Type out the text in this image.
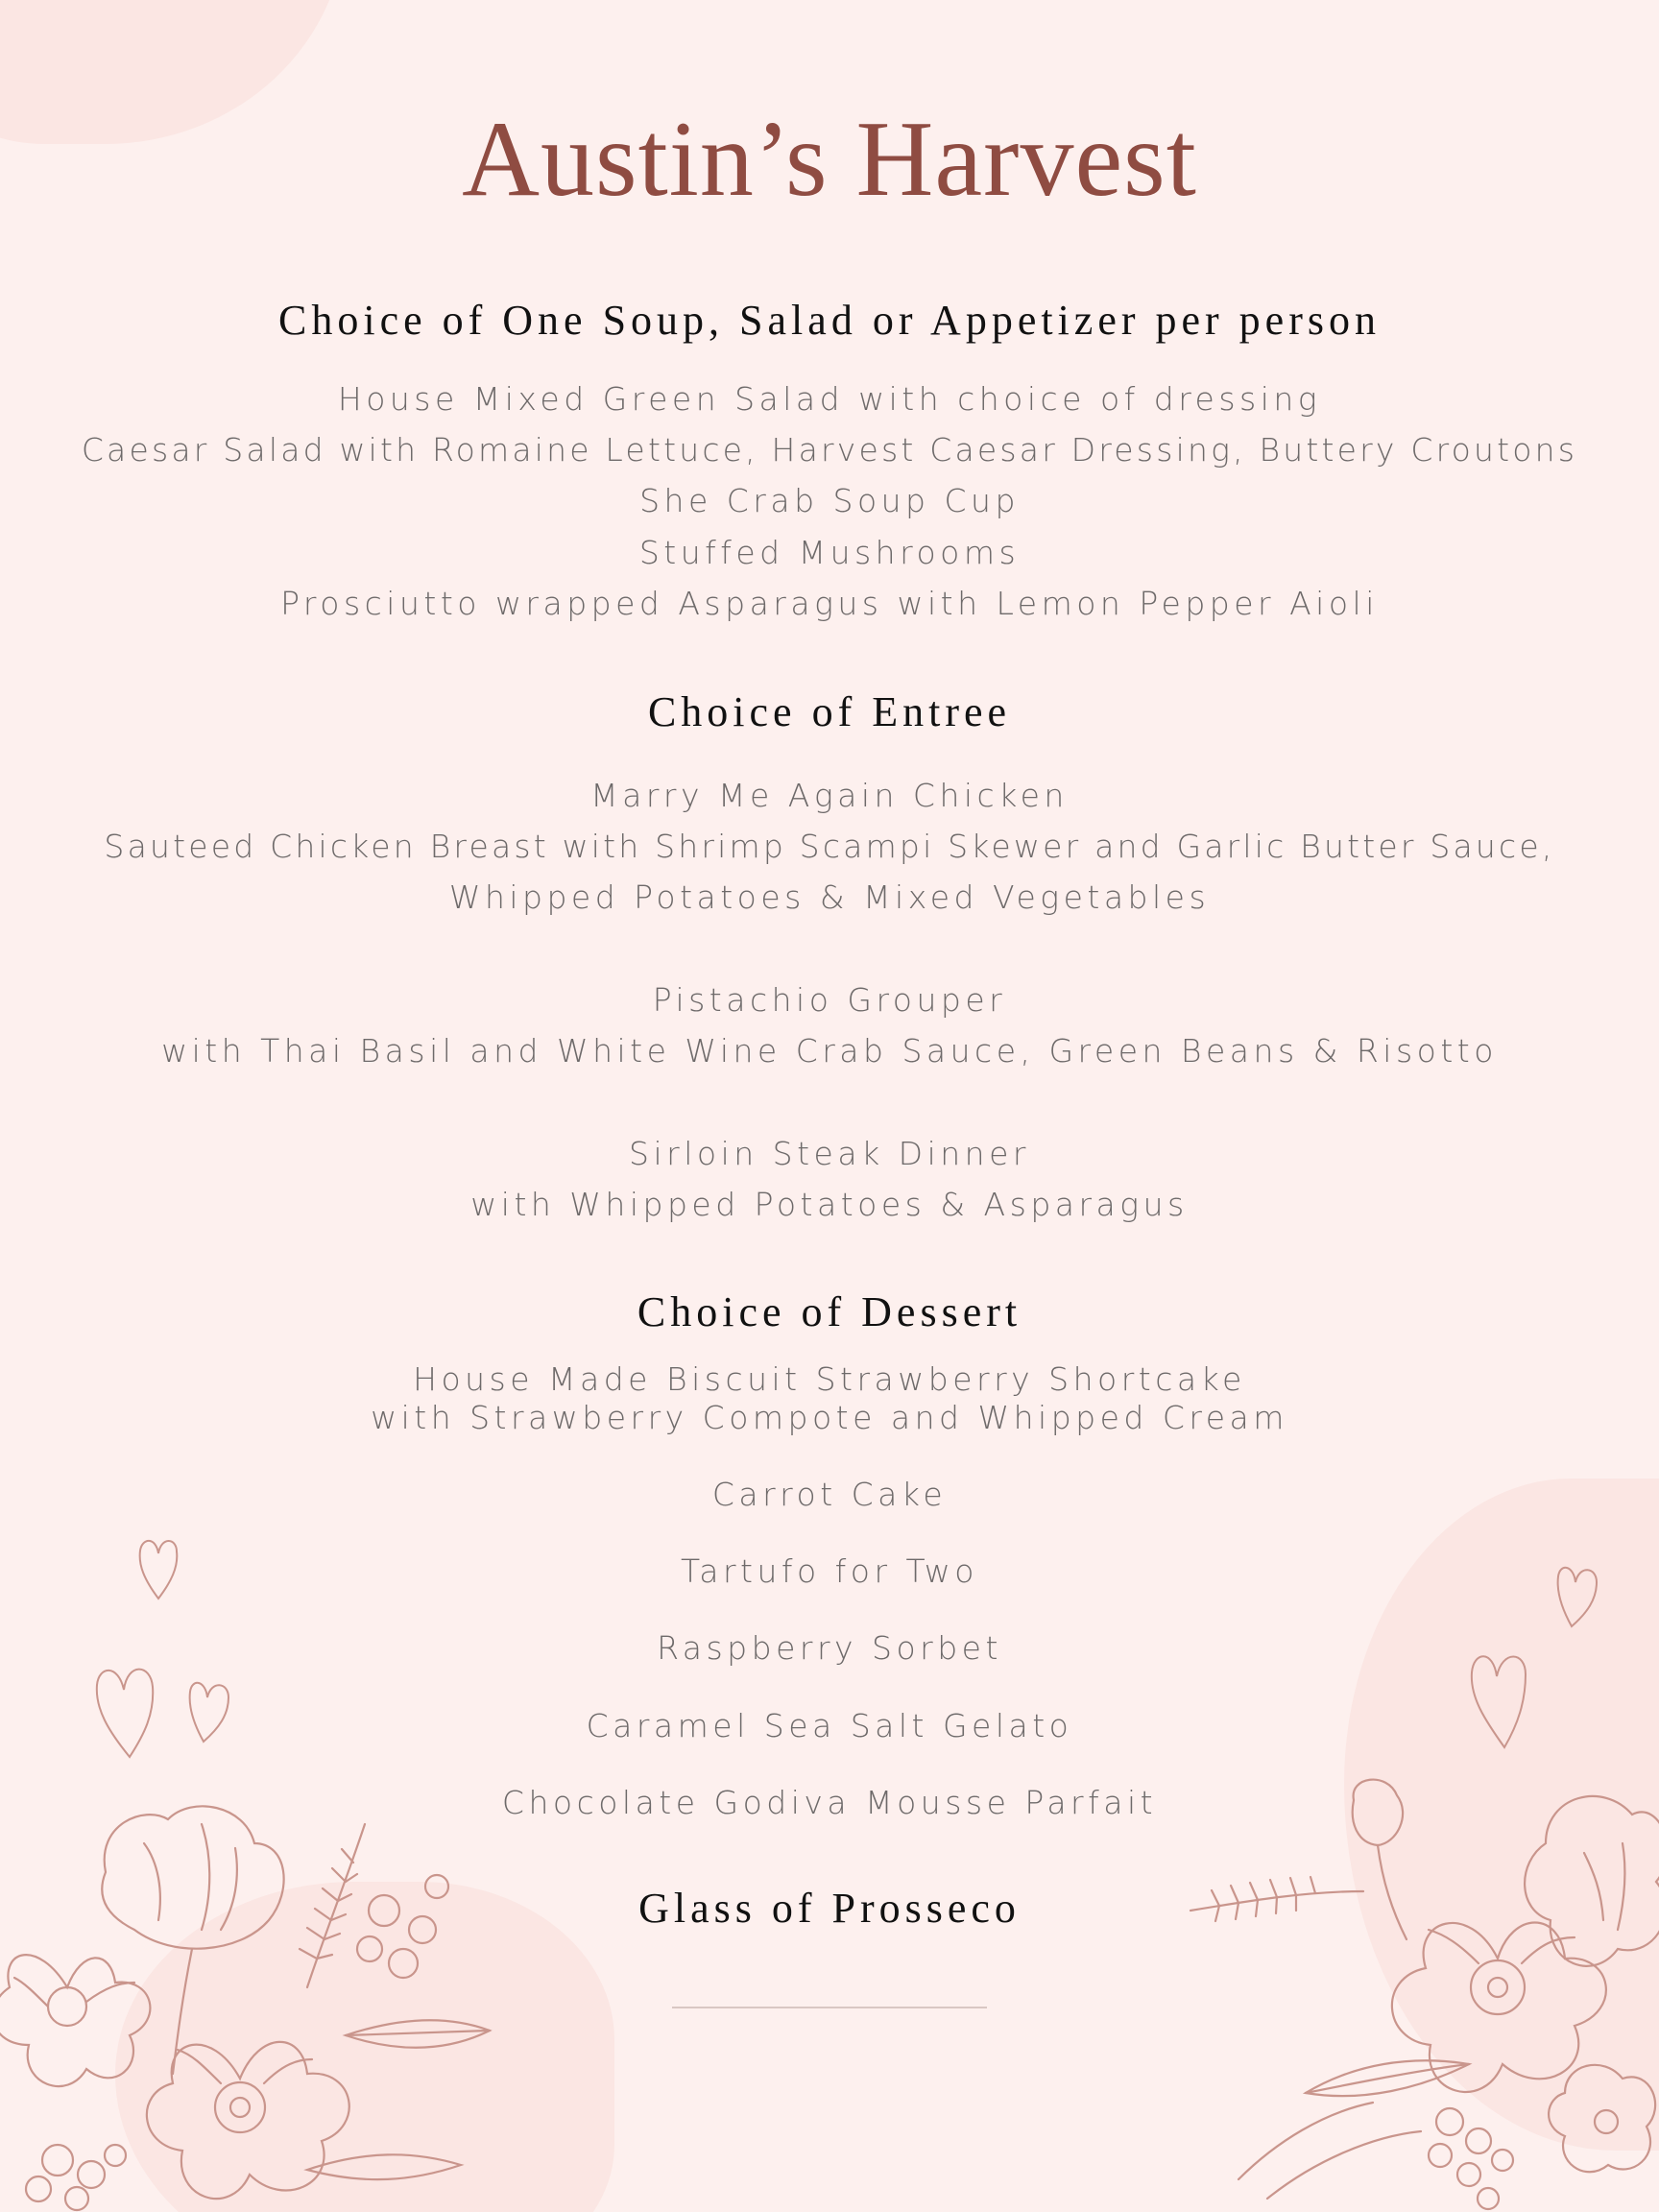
Austin’s Harvest
Choice of One Soup, Salad or Appetizer per person
House Mixed Green Salad with choice of dressing
Caesar Salad with Romaine Lettuce, Harvest Caesar Dressing, Buttery Croutons
She Crab Soup Cup
Stuffed Mushrooms
Prosciutto wrapped Asparagus with Lemon Pepper Aioli
Choice of Entree
Marry Me Again Chicken
Sauteed Chicken Breast with Shrimp Scampi Skewer and Garlic Butter Sauce,
Whipped Potatoes & Mixed Vegetables
Pistachio Grouper
with Thai Basil and White Wine Crab Sauce, Green Beans & Risotto
Sirloin Steak Dinner
with Whipped Potatoes & Asparagus
Choice of Dessert
House Made Biscuit Strawberry Shortcake
with Strawberry Compote and Whipped Cream
Carrot Cake
Tartufo for Two
Raspberry Sorbet
Caramel Sea Salt Gelato
Chocolate Godiva Mousse Parfait
Glass of Prosseco
